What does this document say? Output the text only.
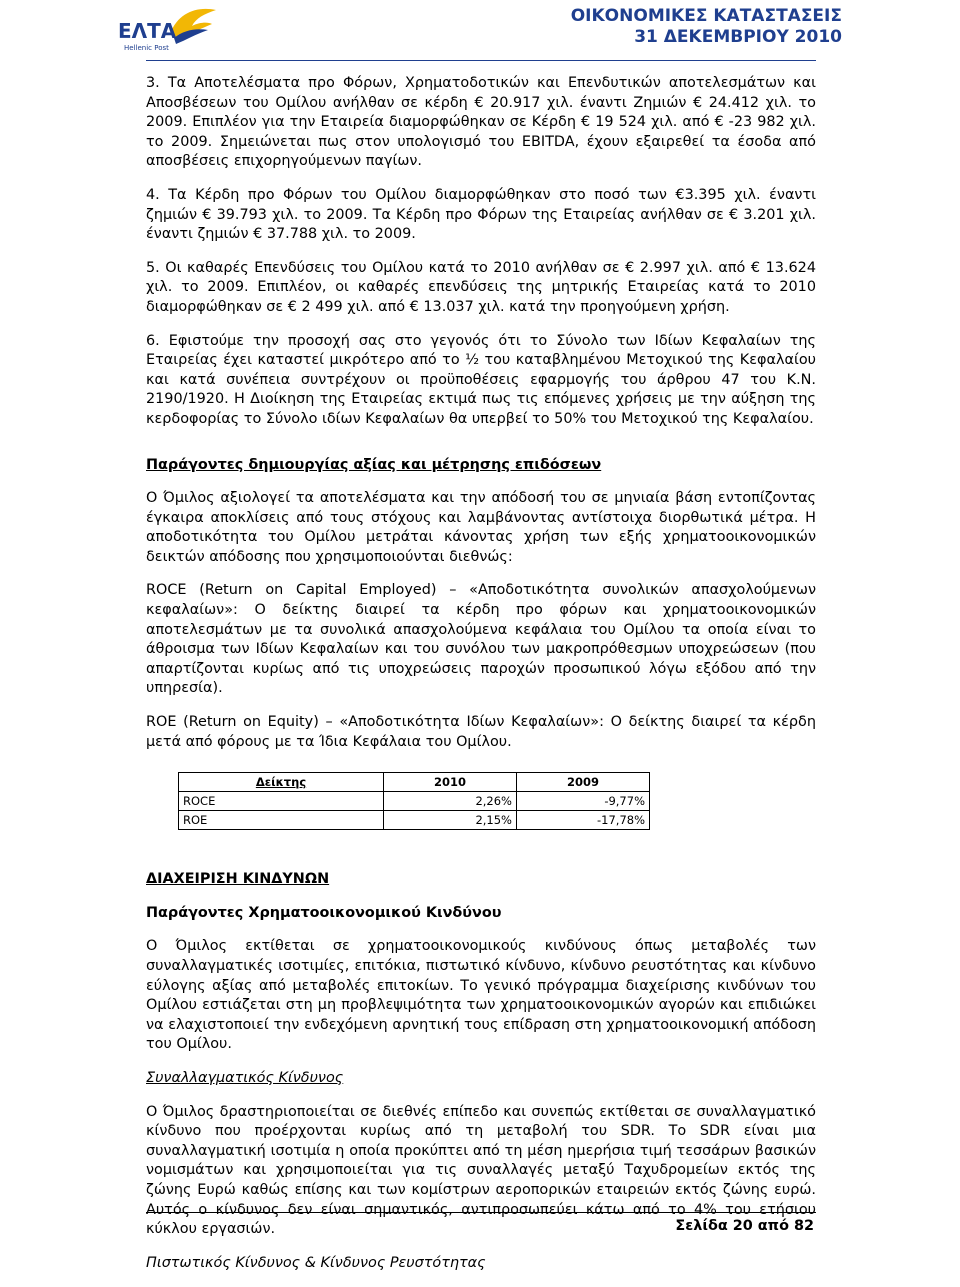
ΕΛΤΑ
Hellenic Post
ΟΙΚΟΝΟΜΙΚΕΣ ΚΑΤΑΣΤΑΣΕΙΣ
31 ΔΕΚΕΜΒΡΙΟΥ 2010

3. Τα Αποτελέσματα προ Φόρων, Χρηματοδοτικών και Επενδυτικών αποτελεσμάτων και Αποσβέσεων του Ομίλου ανήλθαν σε κέρδη € 20.917 χιλ. έναντι Ζημιών € 24.412 χιλ. το 2009. Επιπλέον για την Εταιρεία διαμορφώθηκαν σε Κέρδη € 19 524 χιλ. από € -23 982 χιλ. το 2009. Σημειώνεται πως στον υπολογισμό του EBITDA, έχουν εξαιρεθεί τα έσοδα από αποσβέσεις επιχορηγούμενων παγίων.

4. Τα Κέρδη προ Φόρων του Ομίλου διαμορφώθηκαν στο ποσό των €3.395 χιλ. έναντι ζημιών € 39.793 χιλ. το 2009. Τα Κέρδη προ Φόρων της Εταιρείας ανήλθαν σε € 3.201 χιλ. έναντι ζημιών € 37.788 χιλ. το 2009.

5. Οι καθαρές Επενδύσεις του Ομίλου κατά το 2010 ανήλθαν σε € 2.997 χιλ. από € 13.624 χιλ. το 2009. Επιπλέον, οι καθαρές επενδύσεις της μητρικής Εταιρείας κατά το 2010 διαμορφώθηκαν σε € 2 499 χιλ. από € 13.037 χιλ. κατά την προηγούμενη χρήση.

6. Εφιστούμε την προσοχή σας στο γεγονός ότι το Σύνολο των Ιδίων Κεφαλαίων της Εταιρείας έχει καταστεί μικρότερο από το ½ του καταβλημένου Μετοχικού της Κεφαλαίου και κατά συνέπεια συντρέχουν οι προϋποθέσεις εφαρμογής του άρθρου 47 του Κ.Ν. 2190/1920. Η Διοίκηση της Εταιρείας εκτιμά πως τις επόμενες χρήσεις με την αύξηση της κερδοφορίας το Σύνολο ιδίων Κεφαλαίων θα υπερβεί το 50% του Μετοχικού της Κεφαλαίου.

Παράγοντες δημιουργίας αξίας και μέτρησης επιδόσεων

Ο Όμιλος αξιολογεί τα αποτελέσματα και την απόδοσή του σε μηνιαία βάση εντοπίζοντας έγκαιρα αποκλίσεις από τους στόχους και λαμβάνοντας αντίστοιχα διορθωτικά μέτρα. Η αποδοτικότητα του Ομίλου μετράται κάνοντας χρήση των εξής χρηματοοικονομικών δεικτών απόδοσης που χρησιμοποιούνται διεθνώς:

ROCE (Return on Capital Employed) – «Αποδοτικότητα συνολικών απασχολούμενων κεφαλαίων»: Ο δείκτης διαιρεί τα κέρδη προ φόρων και χρηματοοικονομικών αποτελεσμάτων με τα συνολικά απασχολούμενα κεφάλαια του Ομίλου τα οποία είναι το άθροισμα των Ιδίων Κεφαλαίων και του συνόλου των μακροπρόθεσμων υποχρεώσεων (που απαρτίζονται κυρίως από τις υποχρεώσεις παροχών προσωπικού λόγω εξόδου από την υπηρεσία).

ROE (Return on Equity) – «Αποδοτικότητα Ιδίων Κεφαλαίων»: Ο δείκτης διαιρεί τα κέρδη μετά από φόρους με τα Ίδια Κεφάλαια του Ομίλου.

Δείκτης	2010	2009
ROCE	2,26%	-9,77%
ROE	2,15%	-17,78%
ΔΙΑΧΕΙΡΙΣΗ ΚΙΝΔΥΝΩΝ
Παράγοντες Χρηματοοικονομικού Κινδύνου

Ο Όμιλος εκτίθεται σε χρηματοοικονομικούς κινδύνους όπως μεταβολές των συναλλαγματικές ισοτιμίες, επιτόκια, πιστωτικό κίνδυνο, κίνδυνο ρευστότητας και κίνδυνο εύλογης αξίας από μεταβολές επιτοκίων. Το γενικό πρόγραμμα διαχείρισης κινδύνων του Ομίλου εστιάζεται στη μη προβλεψιμότητα των χρηματοοικονομικών αγορών και επιδιώκει να ελαχιστοποιεί την ενδεχόμενη αρνητική τους επίδραση στη χρηματοοικονομική απόδοση του Ομίλου.

Συναλλαγματικός Κίνδυνος

Ο Όμιλος δραστηριοποιείται σε διεθνές επίπεδο και συνεπώς εκτίθεται σε συναλλαγματικό κίνδυνο που προέρχονται κυρίως από τη μεταβολή του SDR. Το SDR είναι μια συναλλαγματική ισοτιμία η οποία προκύπτει από τη μέση ημερήσια τιμή τεσσάρων βασικών νομισμάτων και χρησιμοποιείται για τις συναλλαγές μεταξύ Ταχυδρομείων εκτός της ζώνης Ευρώ καθώς επίσης και των κομίστρων αεροπορικών εταιρειών εκτός ζώνης ευρώ. Αυτός ο κίνδυνος δεν είναι σημαντικός, αντιπροσωπεύει κάτω από το 4% του ετήσιου κύκλου εργασιών.

Πιστωτικός Κίνδυνος & Κίνδυνος Ρευστότητας
Σελίδα 20 από 82
